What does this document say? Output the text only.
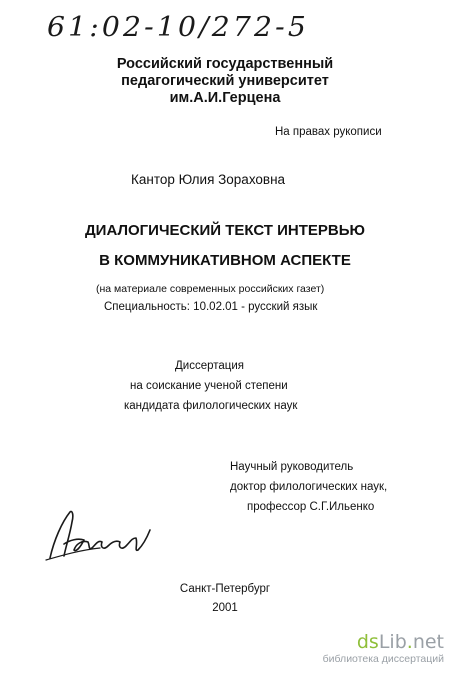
61:02-10/272-5
Российский государственный
педагогический университет
им.А.И.Герцена
На правах рукописи
Кантор Юлия Зораховна
ДИАЛОГИЧЕСКИЙ ТЕКСТ ИНТЕРВЬЮ
В КОММУНИКАТИВНОМ АСПЕКТЕ
(на материале современных российских газет)
Специальность: 10.02.01 - русский язык
Диссертация
на соискание ученой степени
кандидата филологических наук
Научный руководитель
доктор филологических наук,
профессор С.Г.Ильенко
Санкт-Петербург
2001
dsLib.net
библиотека диссертаций
